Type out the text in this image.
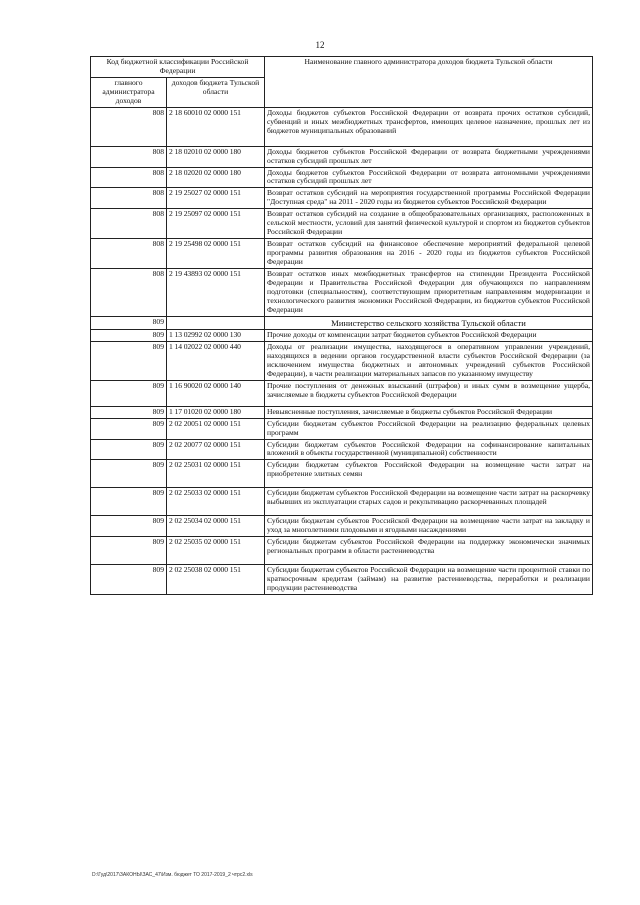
12
Код бюджетной классификации Российской Федерации		Наименование главного администратора доходов бюджета Тульской области
главного администратора доходов	доходов бюджета Тульской области	
808	2 18 60010 02 0000 151	Доходы бюджетов субъектов Российской Федерации от возврата прочих остатков субсидий, субвенций и иных межбюджетных трансфертов, имеющих целевое назначение, прошлых лет из бюджетов муниципальных образований
808	2 18 02010 02 0000 180	Доходы бюджетов субъектов Российской Федерации от возврата бюджетными учреждениями остатков субсидий прошлых лет
808	2 18 02020 02 0000 180	Доходы бюджетов субъектов Российской Федерации от возврата автономными учреждениями остатков субсидий прошлых лет
808	2 19 25027 02 0000 151	Возврат остатков субсидий на мероприятия государственной программы Российской Федерации "Доступная среда" на 2011 - 2020 годы из бюджетов субъектов Российской Федерации
808	2 19 25097 02 0000 151	Возврат остатков субсидий на создание в общеобразовательных организациях, расположенных в сельской местности, условий для занятий физической культурой и спортом из бюджетов субъектов Российской Федерации
808	2 19 25498 02 0000 151	Возврат остатков субсидий на финансовое обеспечение мероприятий федеральной целевой программы развития образования на 2016 - 2020 годы из бюджетов субъектов Российской Федерации
808	2 19 43893 02 0000 151	Возврат остатков иных межбюджетных трансфертов на стипендии Президента Российской Федерации и Правительства Российской Федерации для обучающихся по направлениям подготовки (специальностям), соответствующим приоритетным направлениям модернизации и технологического развития экономики Российской Федерации, из бюджетов субъектов Российской Федерации
809		Министерство сельского хозяйства Тульской области
809	1 13 02992 02 0000 130	Прочие доходы от компенсации затрат бюджетов субъектов Российской Федерации
809	1 14 02022 02 0000 440	Доходы от реализации имущества, находящегося в оперативном управлении учреждений, находящихся в ведении органов государственной власти субъектов Российской Федерации (за исключением имущества бюджетных и автономных учреждений субъектов Российской Федерации), в части реализации материальных запасов по указанному имуществу
809	1 16 90020 02 0000 140	Прочие поступления от денежных взысканий (штрафов) и иных сумм в возмещение ущерба, зачисляемые в бюджеты субъектов Российской Федерации
809	1 17 01020 02 0000 180	Невыясненные поступления, зачисляемые в бюджеты субъектов Российской Федерации
809	2 02 20051 02 0000 151	Субсидии бюджетам субъектов Российской Федерации на реализацию федеральных целевых программ
809	2 02 20077 02 0000 151	Субсидии бюджетам субъектов Российской Федерации на софинансирование капитальных вложений в объекты государственной (муниципальной) собственности
809	2 02 25031 02 0000 151	Субсидии бюджетам субъектов Российской Федерации на возмещение части затрат на приобретение элитных семян
809	2 02 25033 02 0000 151	Субсидии бюджетам субъектов Российской Федерации на возмещение части затрат на раскорчевку выбывших из эксплуатации старых садов и рекультивацию раскорчеванных площадей
809	2 02 25034 02 0000 151	Субсидии бюджетам субъектов Российской Федерации на возмещение части затрат на закладку и уход за многолетними плодовыми и ягодными насаждениями
809	2 02 25035 02 0000 151	Субсидии бюджетам субъектов Российской Федерации на поддержку экономически значимых региональных программ в области растениеводства
809	2 02 25038 02 0000 151	Субсидии бюджетам субъектов Российской Федерации на возмещение части процентной ставки по краткосрочным кредитам (займам) на развитие растениеводства, переработки и реализации продукции растениеводства
D:\Гуд\2017\ЗАКОНЫ\ЗАС_47\Изм. бюджет ТО 2017-2019_2 чтрс2.xls
